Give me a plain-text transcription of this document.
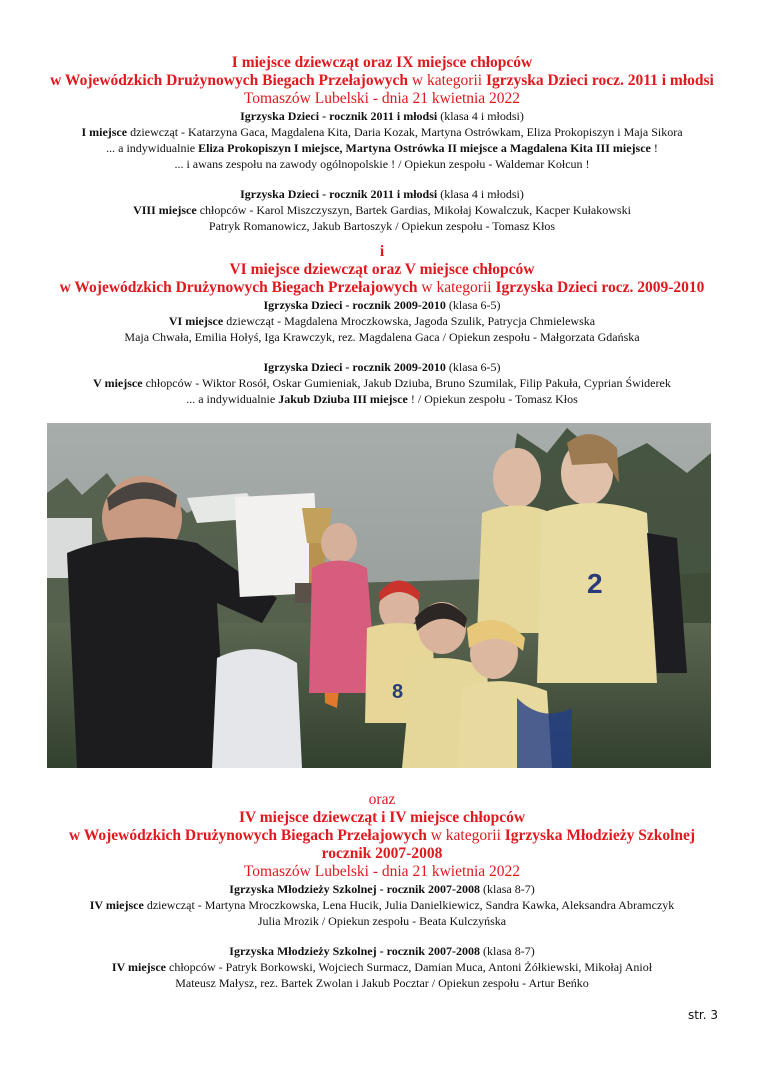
I miejsce dziewcząt oraz IX miejsce chłopców
w Wojewódzkich Drużynowych Biegach Przełajowych w kategorii Igrzyska Dzieci rocz. 2011 i młodsi
Tomaszów Lubelski - dnia 21 kwietnia 2022
Igrzyska Dzieci - rocznik 2011 i młodsi (klasa 4 i młodsi)
I miejsce dziewcząt - Katarzyna Gaca, Magdalena Kita, Daria Kozak, Martyna Ostrówkam, Eliza Prokopiszyn i Maja Sikora
... a indywidualnie Eliza Prokopiszyn I miejsce, Martyna Ostrówka II miejsce a Magdalena Kita III miejsce !
... i awans zespołu na zawody ogólnopolskie ! / Opiekun zespołu - Waldemar Kołcun !
Igrzyska Dzieci - rocznik 2011 i młodsi (klasa 4 i młodsi)
VIII miejsce chłopców - Karol Miszczyszyn, Bartek Gardias, Mikołaj Kowalczuk, Kacper Kułakowski
Patryk Romanowicz, Jakub Bartoszyk / Opiekun zespołu - Tomasz Kłos
i
VI miejsce dziewcząt oraz V miejsce chłopców
w Wojewódzkich Drużynowych Biegach Przełajowych w kategorii Igrzyska Dzieci rocz. 2009-2010
Igrzyska Dzieci - rocznik 2009-2010 (klasa 6-5)
VI miejsce dziewcząt - Magdalena Mroczkowska, Jagoda Szulik, Patrycja Chmielewska
Maja Chwała, Emilia Hołyś, Iga Krawczyk, rez. Magdalena Gaca / Opiekun zespołu - Małgorzata Gdańska
Igrzyska Dzieci - rocznik 2009-2010 (klasa 6-5)
V miejsce chłopców - Wiktor Rosół, Oskar Gumieniak, Jakub Dziuba, Bruno Szumilak, Filip Pakuła, Cyprian Świderek
... a indywidualnie Jakub Dziuba III miejsce ! / Opiekun zespołu - Tomasz Kłos
2
8
oraz
IV miejsce dziewcząt i IV miejsce chłopców
w Wojewódzkich Drużynowych Biegach Przełajowych w kategorii Igrzyska Młodzieży Szkolnej
rocznik 2007-2008
Tomaszów Lubelski - dnia 21 kwietnia 2022
Igrzyska Młodzieży Szkolnej - rocznik 2007-2008 (klasa 8-7)
IV miejsce dziewcząt - Martyna Mroczkowska, Lena Hucik, Julia Danielkiewicz, Sandra Kawka, Aleksandra Abramczyk
Julia Mrozik / Opiekun zespołu - Beata Kulczyńska
Igrzyska Młodzieży Szkolnej - rocznik 2007-2008 (klasa 8-7)
IV miejsce chłopców - Patryk Borkowski, Wojciech Surmacz, Damian Muca, Antoni Żółkiewski, Mikołaj Anioł
Mateusz Małysz, rez. Bartek Zwolan i Jakub Pocztar / Opiekun zespołu - Artur Beńko
str. 3
